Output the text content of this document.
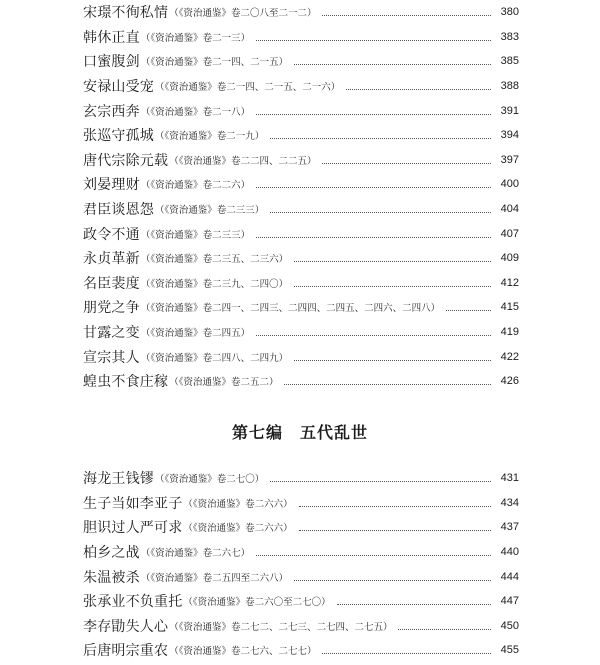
宋璟不徇私情 （《资治通鉴》卷二〇八至二一二）	380
韩休正直 （《资治通鉴》卷二一三）	383
口蜜腹剑 （《资治通鉴》卷二一四、二一五）	385
安禄山受宠 （《资治通鉴》卷二一四、二一五、二一六）	388
玄宗西奔 （《资治通鉴》卷二一八）	391
张巡守孤城 （《资治通鉴》卷二一九）	394
唐代宗除元载 （《资治通鉴》卷二二四、二二五）	397
刘晏理财 （《资治通鉴》卷二二六）	400
君臣谈恩怨 （《资治通鉴》卷二三三）	404
政令不通 （《资治通鉴》卷二三三）	407
永贞革新 （《资治通鉴》卷二三五、二三六）	409
名臣裴度 （《资治通鉴》卷二三九、二四〇）	412
朋党之争 （《资治通鉴》卷二四一、二四三、二四四、二四五、二四六、二四八）	415
甘露之变 （《资治通鉴》卷二四五）	419
宣宗其人 （《资治通鉴》卷二四八、二四九）	422
蝗虫不食庄稼 （《资治通鉴》卷二五二）	426
第七编　五代乱世
海龙王钱镠 （《资治通鉴》卷二七〇）	431
生子当如李亚子 （《资治通鉴》卷二六六）	434
胆识过人严可求 （《资治通鉴》卷二六六）	437
柏乡之战 （《资治通鉴》卷二六七）	440
朱温被杀 （《资治通鉴》卷二五四至二六八）	444
张承业不负重托 （《资治通鉴》卷二六〇至二七〇）	447
李存勖失人心 （《资治通鉴》卷二七二、二七三、二七四、二七五）	450
后唐明宗重农 （《资治通鉴》卷二七六、二七七）	455
